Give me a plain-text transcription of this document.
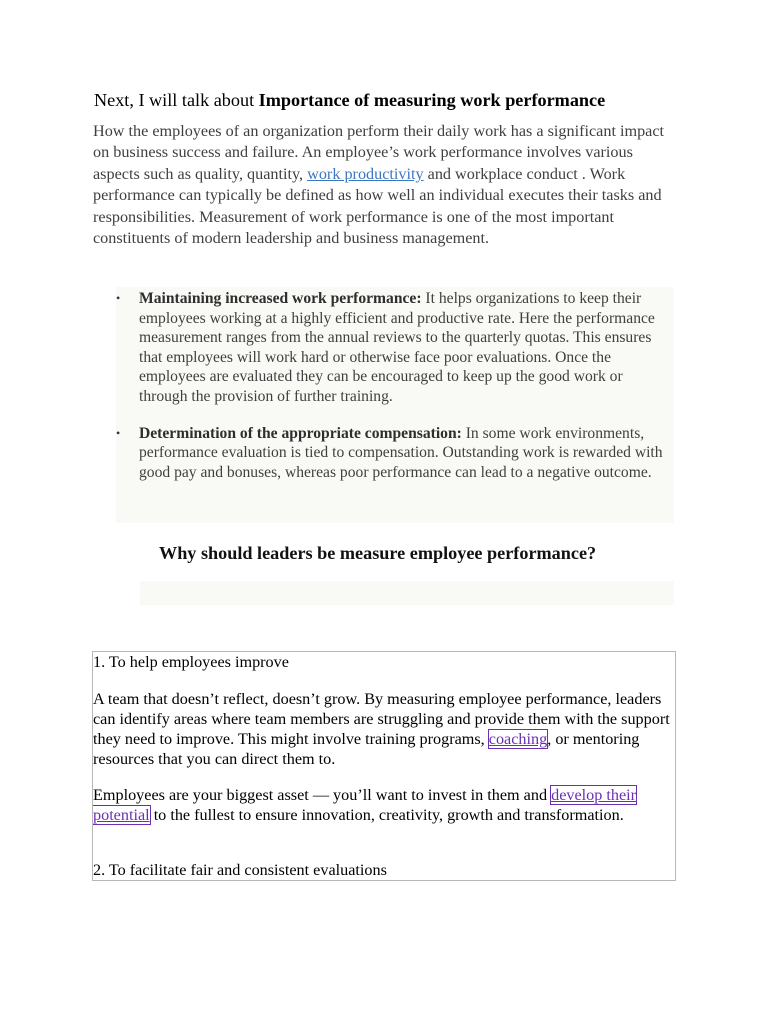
Next, I will talk about Importance of measuring work performance

How the employees of an organization perform their daily work has a significant impact on business success and failure. An employee’s work performance involves various aspects such as quality, quantity, work productivity and workplace conduct . Work performance can typically be defined as how well an individual executes their tasks and responsibilities. Measurement of work performance is one of the most important constituents of modern leadership and business management.

• Maintaining increased work performance: It helps organizations to keep their employees working at a highly efficient and productive rate. Here the performance measurement ranges from the annual reviews to the quarterly quotas. This ensures that employees will work hard or otherwise face poor evaluations. Once the employees are evaluated they can be encouraged to keep up the good work or through the provision of further training.
• Determination of the appropriate compensation: In some work environments, performance evaluation is tied to compensation. Outstanding work is rewarded with good pay and bonuses, whereas poor performance can lead to a negative outcome.
Why should leaders be measure employee performance?

1. To help employees improve

A team that doesn’t reflect, doesn’t grow. By measuring employee performance, leaders can identify areas where team members are struggling and provide them with the support they need to improve. This might involve training programs, coaching, or mentoring resources that you can direct them to.

Employees are your biggest asset — you’ll want to invest in them and develop their potential to the fullest to ensure innovation, creativity, growth and transformation.

2. To facilitate fair and consistent evaluations
